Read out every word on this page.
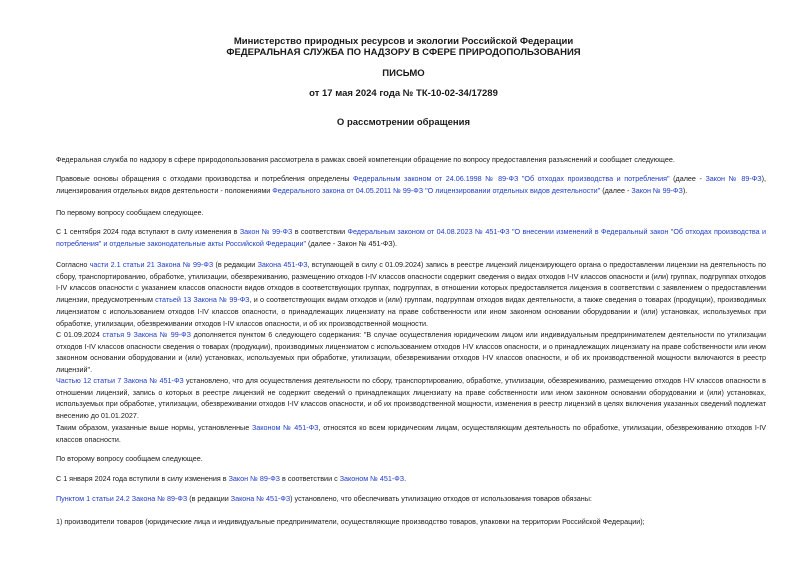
Министерство природных ресурсов и экологии Российской Федерации
ФЕДЕРАЛЬНАЯ СЛУЖБА ПО НАДЗОРУ В СФЕРЕ ПРИРОДОПОЛЬЗОВАНИЯ
ПИСЬМО
от 17 мая 2024 года № ТК-10-02-34/17289
О рассмотрении обращения

Федеральная служба по надзору в сфере природопользования рассмотрела в рамках своей компетенции обращение по вопросу предоставления разъяснений и сообщает следующее.

Правовые основы обращения с отходами производства и потребления определены Федеральным законом от 24.06.1998 № 89-ФЗ "Об отходах производства и потребления" (далее - Закон № 89-ФЗ), лицензирования отдельных видов деятельности - положениями Федерального закона от 04.05.2011 № 99-ФЗ "О лицензировании отдельных видов деятельности" (далее - Закон № 99-ФЗ).

По первому вопросу сообщаем следующее.

С 1 сентября 2024 года вступают в силу изменения в Закон № 99-ФЗ в соответствии Федеральным законом от 04.08.2023 № 451-ФЗ "О внесении изменений в Федеральный закон "Об отходах производства и потребления" и отдельные законодательные акты Российской Федерации" (далее - Закон № 451-ФЗ).

Согласно части 2.1 статьи 21 Закона № 99-ФЗ (в редакции Закона 451-ФЗ, вступающей в силу с 01.09.2024) запись в реестре лицензий лицензирующего органа о предоставлении лицензии на деятельность по сбору, транспортированию, обработке, утилизации, обезвреживанию, размещению отходов I-IV классов опасности содержит сведения о видах отходов I-IV классов опасности и (или) группах, подгруппах отходов I-IV классов опасности с указанием классов опасности видов отходов в соответствующих группах, подгруппах, в отношении которых предоставляется лицензия в соответствии с заявлением о предоставлении лицензии, предусмотренным статьей 13 Закона № 99-ФЗ, и о соответствующих видам отходов и (или) группам, подгруппам отходов видах деятельности, а также сведения о товарах (продукции), производимых лицензиатом с использованием отходов I-IV классов опасности, о принадлежащих лицензиату на праве собственности или ином законном основании оборудовании и (или) установках, используемых при обработке, утилизации, обезвреживании отходов I-IV классов опасности, и об их производственной мощности.

С 01.09.2024 статья 9 Закона № 99-ФЗ дополняется пунктом 6 следующего содержания: "В случае осуществления юридическим лицом или индивидуальным предпринимателем деятельности по утилизации отходов I-IV классов опасности сведения о товарах (продукции), производимых лицензиатом с использованием отходов I-IV классов опасности, и о принадлежащих лицензиату на праве собственности или ином законном основании оборудовании и (или) установках, используемых при обработке, утилизации, обезвреживании отходов I-IV классов опасности, и об их производственной мощности включаются в реестр лицензий".

Частью 12 статьи 7 Закона № 451-ФЗ установлено, что для осуществления деятельности по сбору, транспортированию, обработке, утилизации, обезвреживанию, размещению отходов I-IV классов опасности в отношении лицензий, запись о которых в реестре лицензий не содержит сведений о принадлежащих лицензиату на праве собственности или ином законном основании оборудовании и (или) установках, используемых при обработке, утилизации, обезвреживании отходов I-IV классов опасности, и об их производственной мощности, изменения в реестр лицензий в целях включения указанных сведений подлежат внесению до 01.01.2027.

Таким образом, указанные выше нормы, установленные Законом № 451-ФЗ, относятся ко всем юридическим лицам, осуществляющим деятельность по обработке, утилизации, обезвреживанию отходов I-IV классов опасности.

По второму вопросу сообщаем следующее.

С 1 января 2024 года вступили в силу изменения в Закон № 89-ФЗ в соответствии с Законом № 451-ФЗ.

Пунктом 1 статьи 24.2 Закона № 89-ФЗ (в редакции Закона № 451-ФЗ) установлено, что обеспечивать утилизацию отходов от использования товаров обязаны:

1) производители товаров (юридические лица и индивидуальные предприниматели, осуществляющие производство товаров, упаковки на территории Российской Федерации);
